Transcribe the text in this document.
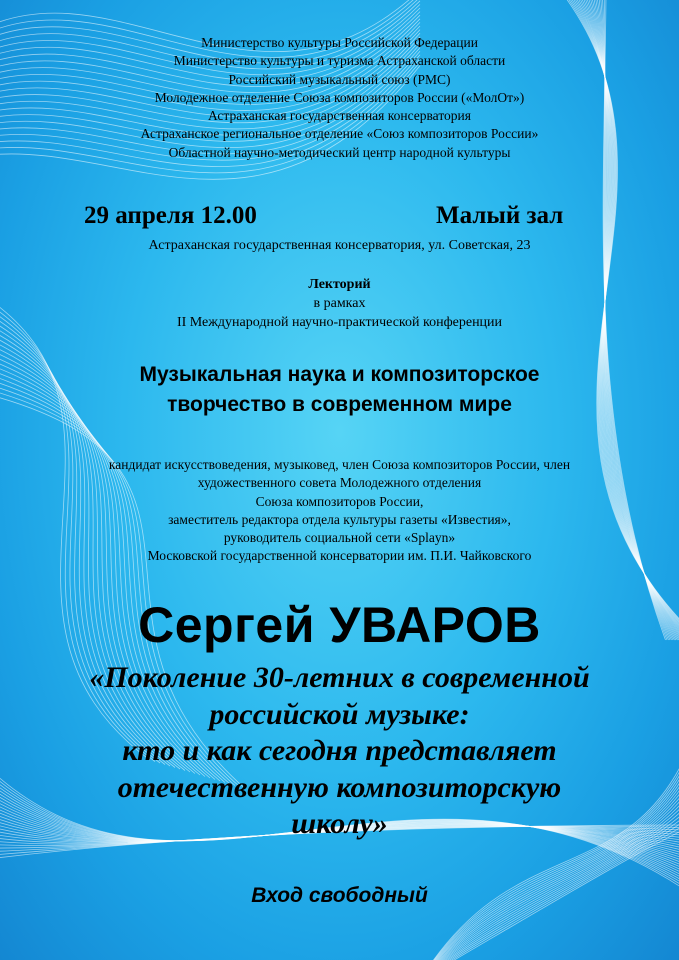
Министерство культуры Российской Федерации
Министерство культуры и туризма Астраханской области
Российский музыкальный союз (РМС)
Молодежное отделение Союза композиторов России («МолОт»)
Астраханская государственная консерватория
Астраханское региональное отделение «Союз композиторов России»
Областной научно-методический центр народной культуры
29 апреля 12.00	Малый зал
Астраханская государственная консерватория, ул. Советская, 23
Лекторий
в рамках
II Международной научно-практической конференции
Музыкальная наука и композиторское
творчество в современном мире
кандидат искусствоведения, музыковед, член Союза композиторов России, член
художественного совета Молодежного отделения
Союза композиторов России,
заместитель редактора отдела культуры газеты «Известия»,
руководитель социальной сети «Splayn»
Московской государственной консерватории им. П.И. Чайковского
Сергей УВАРОВ
«Поколение 30-летних в современной
российской музыке:
кто и как сегодня представляет
отечественную композиторскую
школу»
Вход свободный
